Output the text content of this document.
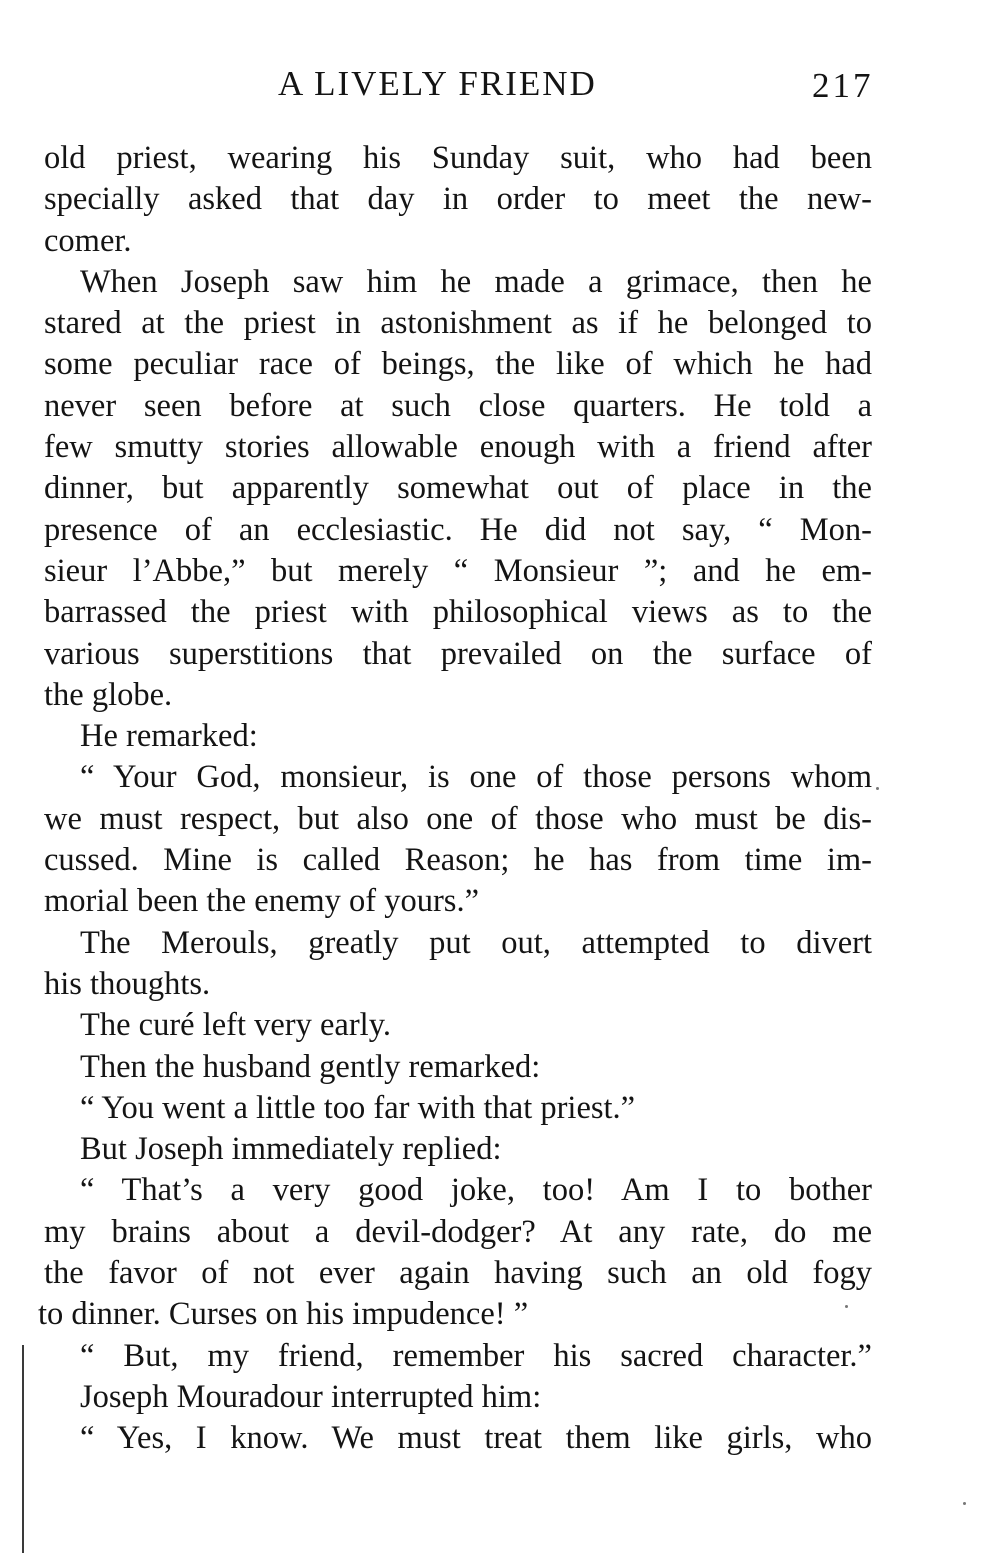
A LIVELY FRIEND	217
old priest, wearing his Sunday suit, who had been
specially asked that day in order to meet the new-
comer.
When Joseph saw him he made a grimace, then he
stared at the priest in astonishment as if he belonged to
some peculiar race of beings, the like of which he had
never seen before at such close quarters. He told a
few smutty stories allowable enough with a friend after
dinner, but apparently somewhat out of place in the
presence of an ecclesiastic. He did not say, “ Mon-
sieur l’Abbe,” but merely “ Monsieur ”; and he em-
barrassed the priest with philosophical views as to the
various superstitions that prevailed on the surface of
the globe.
He remarked:
“ Your God, monsieur, is one of those persons whom
we must respect, but also one of those who must be dis-
cussed. Mine is called Reason; he has from time im-
morial been the enemy of yours.”
The Merouls, greatly put out, attempted to divert
his thoughts.
The curé left very early.
Then the husband gently remarked:
“ You went a little too far with that priest.”
But Joseph immediately replied:
“ That’s a very good joke, too! Am I to bother
my brains about a devil-dodger? At any rate, do me
the favor of not ever again having such an old fogy
to dinner. Curses on his impudence! ”
“ But, my friend, remember his sacred character.”
Joseph Mouradour interrupted him:
“ Yes, I know. We must treat them like girls, who
